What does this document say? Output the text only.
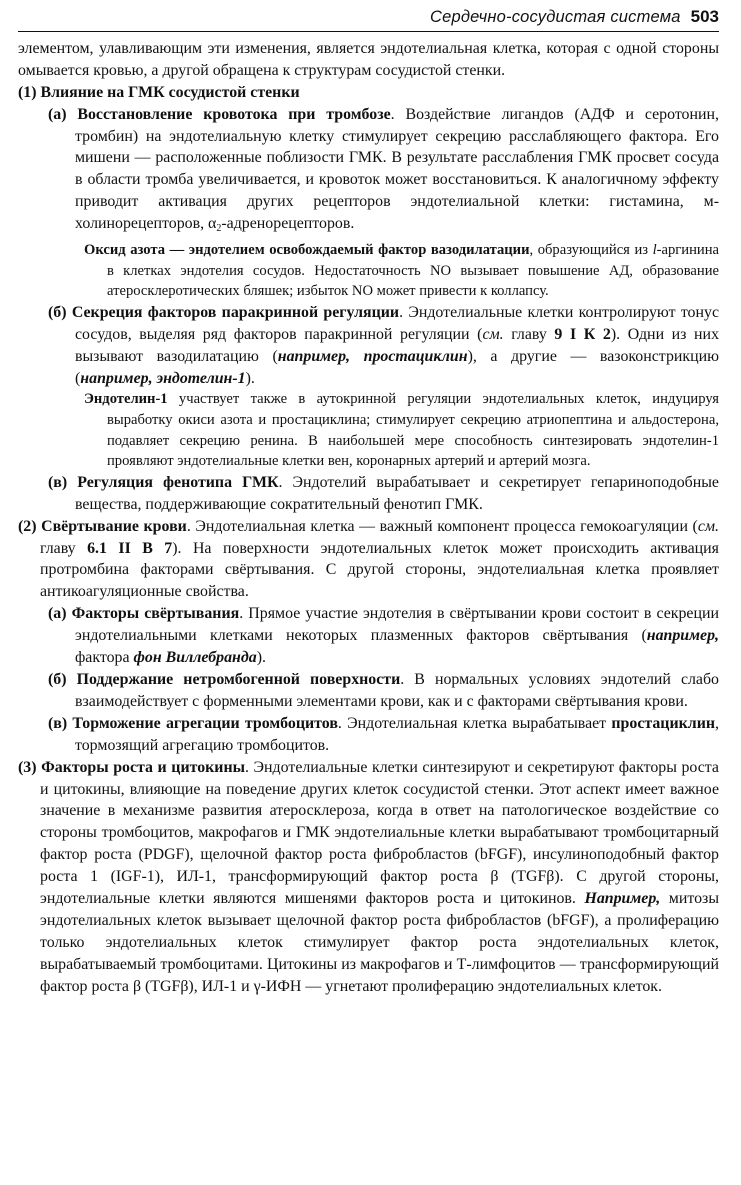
Сердечно-сосудистая система 503

элементом, улавливающим эти изменения, является эндотелиальная клетка, которая с одной стороны омывается кровью, а другой обращена к структурам сосудистой стенки.

(1) Влияние на ГМК сосудистой стенки

(а) Восстановление кровотока при тромбозе. Воздействие лигандов (АДФ и серотонин, тромбин) на эндотелиальную клетку стимулирует секрецию расслабляющего фактора. Его мишени — расположенные поблизости ГМК. В результате расслабления ГМК просвет сосуда в области тромба увеличивается, и кровоток может восстановиться. К аналогичному эффекту приводит активация других рецепторов эндотелиальной клетки: гистамина, м-холинорецепторов, $\alpha_2$-адренорецепторов.

Оксид азота — эндотелием освобождаемый фактор вазодилатации, образующийся из l-аргинина в клетках эндотелия сосудов. Недостаточность NO вызывает повышение АД, образование атеросклеротических бляшек; избыток NO может привести к коллапсу.

(б) Секреция факторов паракринной регуляции. Эндотелиальные клетки контролируют тонус сосудов, выделяя ряд факторов паракринной регуляции (см. главу 9 I К 2). Одни из них вызывают вазодилатацию (например, простациклин), а другие — вазоконстрикцию (например, эндотелин-1).

Эндотелин-1 участвует также в аутокринной регуляции эндотелиальных клеток, индуцируя выработку окиси азота и простациклина; стимулирует секрецию атриопептина и альдостерона, подавляет секрецию ренина. В наибольшей мере способность синтезировать эндотелин-1 проявляют эндотелиальные клетки вен, коронарных артерий и артерий мозга.

(в) Регуляция фенотипа ГМК. Эндотелий вырабатывает и секретирует гепариноподобные вещества, поддерживающие сократительный фенотип ГМК.

(2) Свёртывание крови. Эндотелиальная клетка — важный компонент процесса гемокоагуляции (см. главу 6.1 II В 7). На поверхности эндотелиальных клеток может происходить активация протромбина факторами свёртывания. С другой стороны, эндотелиальная клетка проявляет антикоагуляционные свойства.

(а) Факторы свёртывания. Прямое участие эндотелия в свёртывании крови состоит в секреции эндотелиальными клетками некоторых плазменных факторов свёртывания (например, фактора фон Виллебранда).

(б) Поддержание нетромбогенной поверхности. В нормальных условиях эндотелий слабо взаимодействует с форменными элементами крови, как и с факторами свёртывания крови.

(в) Торможение агрегации тромбоцитов. Эндотелиальная клетка вырабатывает простациклин, тормозящий агрегацию тромбоцитов.

(3) Факторы роста и цитокины. Эндотелиальные клетки синтезируют и секретируют факторы роста и цитокины, влияющие на поведение других клеток сосудистой стенки. Этот аспект имеет важное значение в механизме развития атеросклероза, когда в ответ на патологическое воздействие со стороны тромбоцитов, макрофагов и ГМК эндотелиальные клетки вырабатывают тромбоцитарный фактор роста (PDGF), щелочной фактор роста фибробластов (bFGF), инсулиноподобный фактор роста 1 (IGF-1), ИЛ-1, трансформирующий фактор роста β (TGFβ). С другой стороны, эндотелиальные клетки являются мишенями факторов роста и цитокинов. Например, митозы эндотелиальных клеток вызывает щелочной фактор роста фибробластов (bFGF), а пролиферацию только эндотелиальных клеток стимулирует фактор роста эндотелиальных клеток, вырабатываемый тромбоцитами. Цитокины из макрофагов и Т-лимфоцитов — трансформирующий фактор роста β (TGFβ), ИЛ-1 и γ-ИФН — угнетают пролиферацию эндотелиальных клеток.
